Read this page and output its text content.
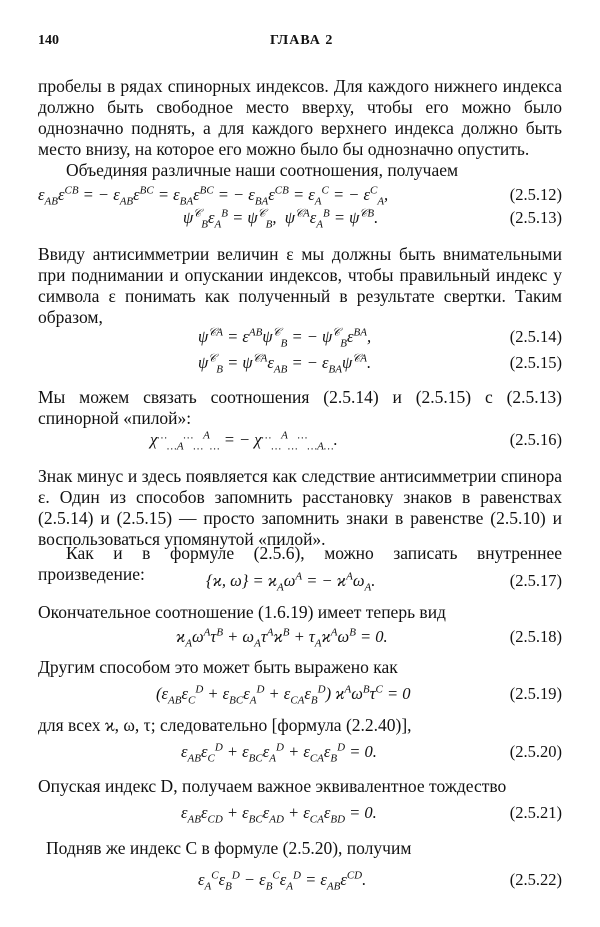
140	ГЛАВА 2
пробелы в рядах спинорных индексов. Для каждого нижнего индекса должно быть свободное место вверху, чтобы его можно было однозначно поднять, а для каждого верхнего индекса должно быть место внизу, на которое его можно было бы однозначно опустить.
Объединяя различные наши соотношения, получаем
$\varepsilon_{AB}\varepsilon^{CB}$ = − $\varepsilon_{AB}\varepsilon^{BC} = \varepsilon_{BA}\varepsilon^{BC}$ = − $\varepsilon_{BA}\varepsilon^{CB} = \varepsilon_A^C$ = − $\varepsilon^C_A$,	(2.5.12)
$\psi^𝒞_B\varepsilon_A^B = \psi^𝒞_B$,  $\psi^{𝒞A}\varepsilon_A^B = \psi^{𝒞B}$.	(2.5.13)
Ввиду антисимметрии величин ε мы должны быть внимательными при поднимании и опускании индексов, чтобы правильный индекс у символа ε понимать как полученный в результате свертки. Таким образом,
$\psi^{𝒞A} = \varepsilon^{AB}\psi^𝒞_B$ = − $\psi^𝒞_B\varepsilon^{BA}$,	(2.5.14)
$\psi^𝒞_B = \psi^{𝒞A}\varepsilon_{AB}$ = − $\varepsilon_{BA}\psi^{𝒞A}$.	(2.5.15)
Мы можем связать соотношения (2.5.14) и (2.5.15) с (2.5.13) спинорной «пилой»:
$\chi^\dots_{\dots A}^\dots_\dots^A_\dots$ = − $\chi^\dots_\dots^A_\dots^\dots_{\dots A\dots}$.	(2.5.16)
Знак минус и здесь появляется как следствие антисимметрии спинора ε. Один из способов запомнить расстановку знаков в равенствах (2.5.14) и (2.5.15) — просто запомнить знаки в равенстве (2.5.10) и воспользоваться упомянутой «пилой».
Как и в формуле (2.5.6), можно записать внутреннее произведение:	{ϰ, $\omega\} = ϰ_A\omega^A$ = − $ϰ^A\omega_A$.	(2.5.17)
Окончательное соотношение (1.6.19) имеет теперь вид
$ϰ_A\omega^A\tau^B + \omega_A\tau^Aϰ^B + \tau_Aϰ^A\omega^B = 0$.	(2.5.18)
Другим способом это может быть выражено как
$(\varepsilon_{AB}\varepsilon_C^D + \varepsilon_{BC}\varepsilon_A^D + \varepsilon_{CA}\varepsilon_B^D) ϰ^A\omega^B\tau^C = 0$	(2.5.19)
для всех ϰ, ω, τ; следовательно [формула (2.2.40)],
$\varepsilon_{AB}\varepsilon_C^D + \varepsilon_{BC}\varepsilon_A^D + \varepsilon_{CA}\varepsilon_B^D = 0$.	(2.5.20)
Опуская индекс D, получаем важное эквивалентное тождество
$\varepsilon_{AB}\varepsilon_{CD} + \varepsilon_{BC}\varepsilon_{AD} + \varepsilon_{CA}\varepsilon_{BD} = 0$.	(2.5.21)
Подняв же индекс C в формуле (2.5.20), получим
$\varepsilon_A^C\varepsilon_B^D - \varepsilon_B^C\varepsilon_A^D = \varepsilon_{AB}\varepsilon^{CD}$.	(2.5.22)
